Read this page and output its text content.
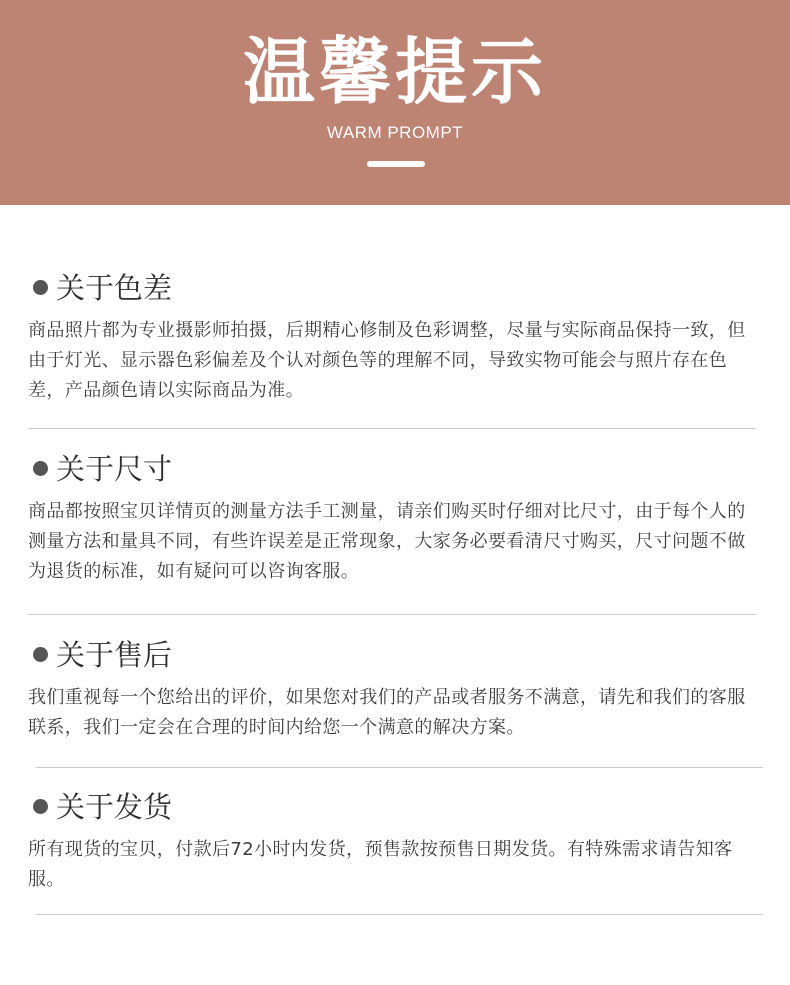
温馨提示
WARM PROMPT
关于色差
商品照片都为专业摄影师拍摄，后期精心修制及色彩调整，尽量与实际商品保持一致，但由于灯光、显示器色彩偏差及个认对颜色等的理解不同，导致实物可能会与照片存在色差，产品颜色请以实际商品为准。
关于尺寸
商品都按照宝贝详情页的测量方法手工测量，请亲们购买时仔细对比尺寸，由于每个人的测量方法和量具不同，有些许误差是正常现象，大家务必要看清尺寸购买，尺寸问题不做为退货的标准，如有疑问可以咨询客服。
关于售后
我们重视每一个您给出的评价，如果您对我们的产品或者服务不满意，请先和我们的客服联系，我们一定会在合理的时间内给您一个满意的解决方案。
关于发货
所有现货的宝贝，付款后72小时内发货，预售款按预售日期发货。有特殊需求请告知客服。
